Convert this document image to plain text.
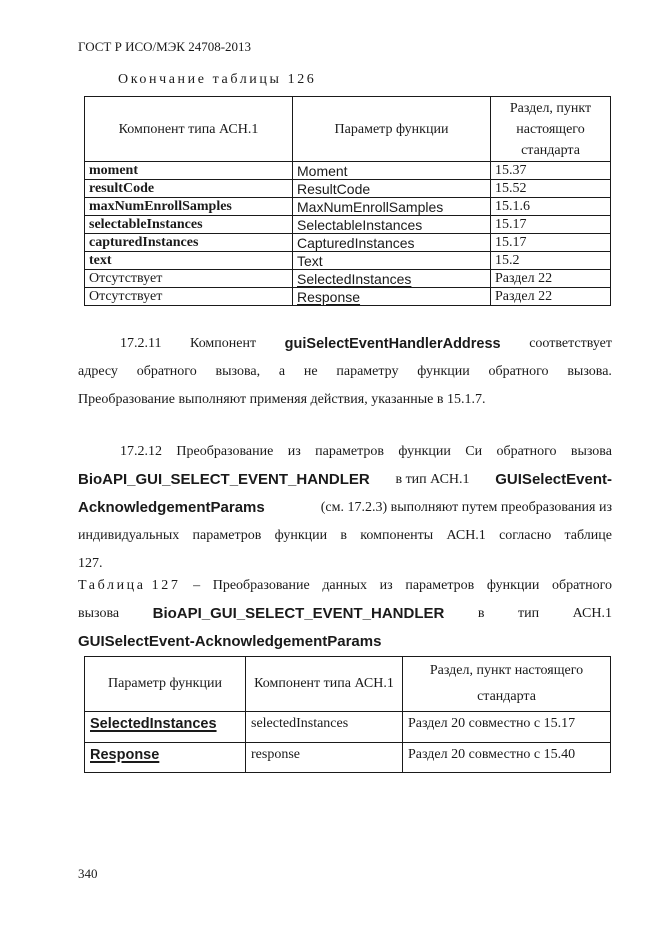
ГОСТ Р ИСО/МЭК 24708-2013
Окончание таблицы 126
Компонент типа АСН.1	Параметр функции	Раздел, пункт настоящего стандарта
moment	Moment	15.37
resultCode	ResultCode	15.52
maxNumEnrollSamples	MaxNumEnrollSamples	15.1.6
selectableInstances	SelectableInstances	15.17
capturedInstances	CapturedInstances	15.17
text	Text	15.2
Отсутствует	SelectedInstances	Раздел 22
Отсутствует	Response	Раздел 22
17.2.11 Компонент guiSelectEventHandlerAddress соответствует
адресу обратного вызова, а не параметру функции обратного вызова.
Преобразование выполняют применяя действия, указанные в 15.1.7.
17.2.12 Преобразование из параметров функции Си обратного вызова
BioAPI_GUI_SELECT_EVENT_HANDLER в тип АСН.1 GUISelectEvent-
AcknowledgementParams	(см. 17.2.3) выполняют путем преобразования из
индивидуальных параметров функции в компоненты АСН.1 согласно таблице
127.
Таблица 127 – Преобразование данных из параметров функции обратного
вызова BioAPI_GUI_SELECT_EVENT_HANDLER в тип АСН.1
GUISelectEvent-AcknowledgementParams
Параметр функции	Компонент типа АСН.1	Раздел, пункт настоящего стандарта
SelectedInstances	selectedInstances	Раздел 20 совместно с 15.17
Response	response	Раздел 20 совместно с 15.40
340
